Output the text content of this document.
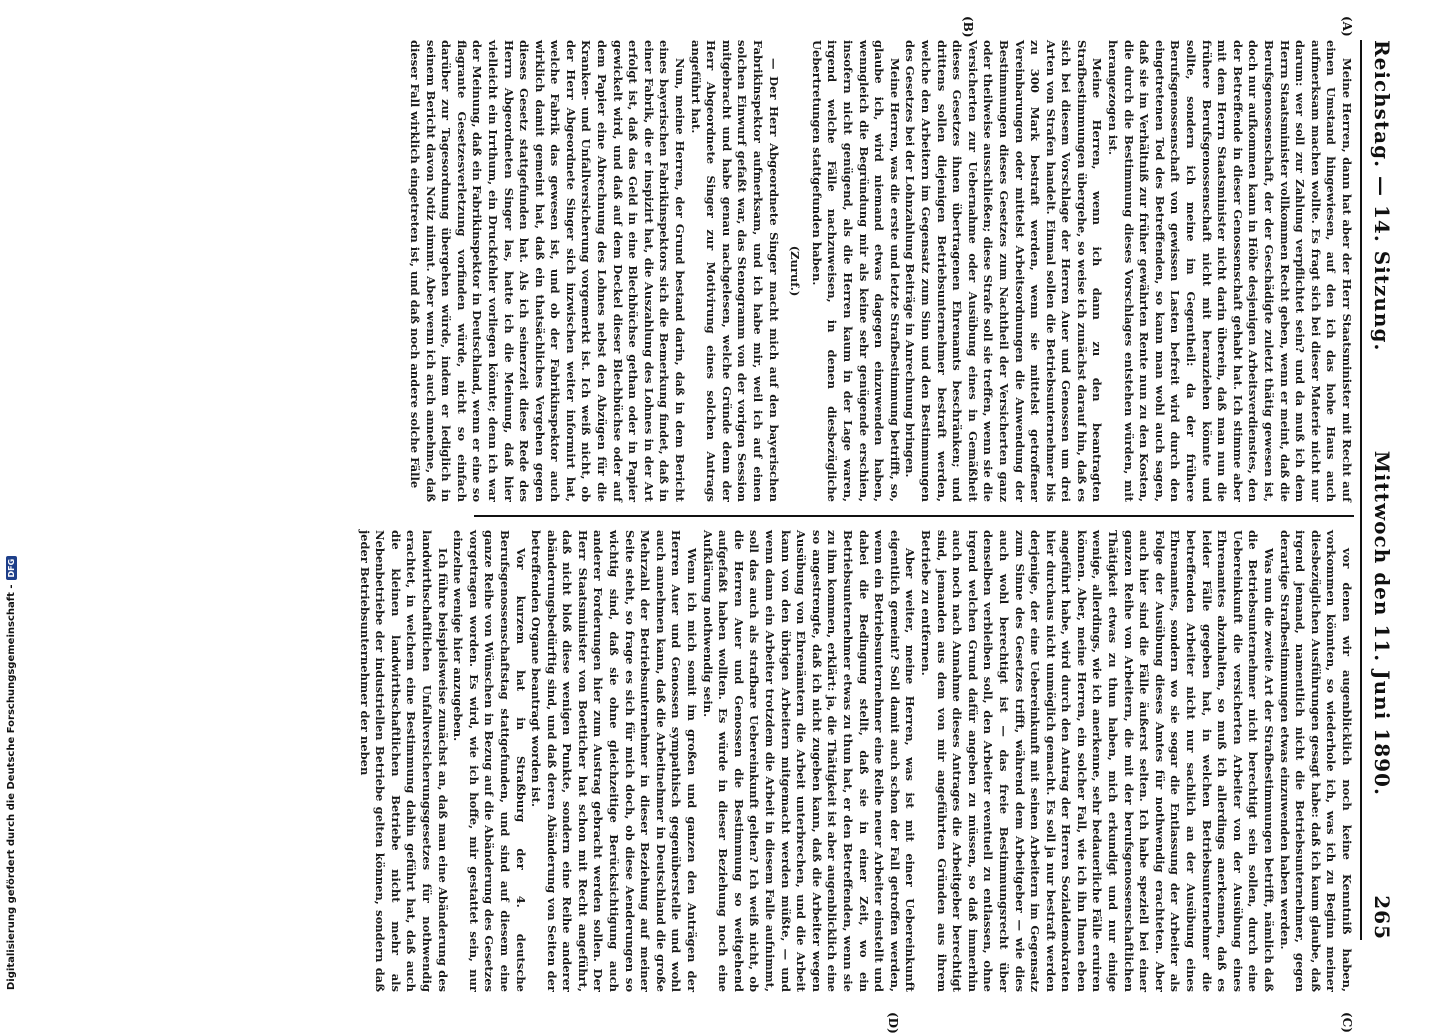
Reichstag. — 14. Sitzung.
Mittwoch den 11. Juni 1890.
265
(A)
(B)
(C)
(D)

Meine Herren, dann hat aber der Herr Staatsminister mit Recht auf einen Umstand hingewiesen, auf den ich das hohe Haus auch aufmerksam machen wollte. Es fragt sich bei dieser Materie nicht nur darum: wer soll zur Zahlung verpflichtet sein? und da muß ich dem Herrn Staatsminister vollkommen Recht geben, wenn er meint, daß die Berufsgenossenschaft, der der Geschädigte zuletzt thätig gewesen ist, doch nur aufkommen kann in Höhe desjenigen Arbeitsverdienstes, den der Betreffende in dieser Genossenschaft gehabt hat. Ich stimme aber mit dem Herrn Staatsminister nicht darin überein, daß man nun die frühere Berufsgenossenschaft nicht mit heranziehen könnte und sollte, sondern ich meine im Gegentheil: da der frühere Berufsgenossenschaft von gewissen Lasten befreit wird durch den eingetretenen Tod des Betreffenden, so kann man wohl auch sagen, daß sie im Verhältniß zur früher gewährten Rente nun zu den Kosten, die durch die Bestimmung dieses Vorschlages entstehen würden, mit herangezogen ist.

Meine Herren, wenn ich dann zu den beantragten Strafbestimmungen übergehe, so weise ich zunächst darauf hin, daß es sich bei diesem Vorschlage der Herren Auer und Genossen um drei Arten von Strafen handelt. Einmal sollen die Betriebsunternehmer bis zu 300 Mark bestraft werden, wenn sie mittelst getroffener Vereinbarungen oder mittelst Arbeitsordnungen die Anwendung der Bestimmungen dieses Gesetzes zum Nachtheil der Versicherten ganz oder theilweise ausschließen; diese Strafe soll sie treffen, wenn sie die Versicherten zur Uebernahme oder Ausübung eines in Gemäßheit dieses Gesetzes ihnen übertragenen Ehrenamts beschränken; und drittens sollen diejenigen Betriebsunternehmer bestraft werden, welche den Arbeitern im Gegensatz zum Sinn und den Bestimmungen des Gesetzes bei der Lohnzahlung Beiträge in Anrechnung bringen.

Meine Herren, was die erste und letzte Strafbestimmung betrifft, so, glaube ich, wird niemand etwas dagegen einzuwenden haben, wenngleich die Begründung mir als keine sehr genügende erschien, insofern nicht genügend, als die Herren kaum in der Lage waren, irgend welche Fälle nachzuweisen, in denen diesbezügliche Uebertretungen stattgefunden haben.

(Zuruf.)

— Der Herr Abgeordnete Singer macht mich auf den bayerischen Fabrikinspektor aufmerksam, und ich habe mir, weil ich auf einen solchen Einwurf gefaßt war, das Stenogramm von der vorigen Session mitgebracht und habe genau nachgelesen, welche Gründe denn der Herr Abgeordnete Singer zur Motivirung eines solchen Antrags angeführt hat.

Nun, meine Herren, der Grund bestand darin, daß in dem Bericht eines bayerischen Fabrikinspektors sich die Bemerkung findet, daß in einer Fabrik, die er inspizirt hat, die Auszahlung des Lohnes in der Art erfolgt ist, daß das Geld in eine Blechbüchse gethan oder in Papier gewickelt wird, und daß auf dem Deckel dieser Blechbüchse oder auf dem Papier eine Abrechnung des Lohnes nebst den Abzügen für die Kranken- und Unfallversicherung vorgemerkt ist. Ich weiß nicht, ob der Herr Abgeordnete Singer sich inzwischen weiter informirt hat, welche Fabrik das gewesen ist, und ob der Fabrikinspektor auch wirklich damit gemeint hat, daß ein thatsächliches Vergehen gegen dieses Gesetz stattgefunden hat. Als ich seinerzeit diese Rede des Herrn Abgeordneten Singer las, hatte ich die Meinung, daß hier vielleicht ein Irrthum, ein Druckfehler vorliegen könnte; denn ich war der Meinung, daß ein Fabrikinspektor in Deutschland, wenn er eine so flagrante Gesetzesverletzung vorfinden würde, nicht so einfach darüber zur Tagesordnung übergehen würde, indem er lediglich in seinem Bericht davon Notiz nimmt. Aber wenn ich auch annehme, daß dieser Fall wirklich eingetreten ist, und daß noch andere solche Fälle

vor denen wir augenblicklich noch keine Kenntniß haben, vorkommen könnten, so wiederhole ich, was ich zu Beginn meiner diesbezüglichen Ausführungen gesagt habe: daß ich kaum glaube, daß irgend jemand, namentlich nicht die Betriebsunternehmer, gegen derartige Strafbestimmungen etwas einzuwenden haben werden.

Was nun die zweite Art der Strafbestimmungen betrifft, nämlich daß die Betriebsunternehmer nicht berechtigt sein sollen, durch eine Uebereinkunft die versicherten Arbeiter von der Ausübung eines Ehrenamtes abzuhalten, so muß ich allerdings anerkennen, daß es leider Fälle gegeben hat, in welchen Betriebsunternehmer die betreffenden Arbeiter nicht nur sachlich an der Ausübung eines Ehrenamtes, sondern wo sie sogar die Entlassung der Arbeiter als Folge der Ausübung dieses Amtes für nothwendig erachteten. Aber auch hier sind die Fälle äußerst selten. Ich habe speziell bei einer ganzen Reihe von Arbeitern, die mit der berufsgenossenschaftlichen Thätigkeit etwas zu thun haben, mich erkundigt und nur einige wenige, allerdings, wie ich anerkenne, sehr bedauerliche Fälle eruiren können. Aber, meine Herren, ein solcher Fall, wie ich ihn Ihnen eben angeführt habe, wird durch den Antrag der Herren Sozialdemokraten hier durchaus nicht unmöglich gemacht. Es soll ja nur bestraft werden derjenige, der eine Uebereinkunft mit seinen Arbeitern im Gegensatz zum Sinne des Gesetzes trifft, während dem Arbeitgeber — wie dies auch wohl berechtigt ist — das freie Bestimmungsrecht über denselben verbleiben soll, den Arbeiter eventuell zu entlassen, ohne irgend welchen Grund dafür angeben zu müssen, so daß immerhin auch noch nach Annahme dieses Antrages die Arbeitgeber berechtigt sind, jemanden aus dem von mir angeführten Gründen aus ihrem Betriebe zu entfernen.

Aber weiter, meine Herren, was ist mit einer Uebereinkunft eigentlich gemeint? Soll damit auch schon der Fall getroffen werden, wenn ein Betriebsunternehmer eine Reihe neuer Arbeiter einstellt und dabei die Bedingung stellt, daß sie in einer Zeit, wo ein Betriebsunternehmer etwas zu thun hat, er den Betreffenden, wenn sie zu ihm kommen, erklärt: ja, die Thätigkeit ist aber augenblicklich eine so angestrengte, daß ich nicht zugeben kann, daß die Arbeiter wegen Ausübung von Ehrenämtern die Arbeit unterbrechen, und die Arbeit kann von den übrigen Arbeitern mitgemacht werden müßte, — und wenn dann ein Arbeiter trotzdem die Arbeit in diesem Falle aufnimmt, soll das auch als strafbare Uebereinkunft gelten? Ich weiß nicht, ob die Herren Auer und Genossen die Bestimmung so weitgehend aufgefaßt haben wollten. Es würde in dieser Beziehung noch eine Aufklärung nothwendig sein.

Wenn ich mich somit im großen und ganzen den Anträgen der Herren Auer und Genossen sympathisch gegenüberstelle und wohl auch annehmen kann, daß die Arbeitnehmer in Deutschland die große Mehrzahl der Betriebsunternehmer in dieser Beziehung auf meiner Seite steht, so frage es sich für mich doch, ob diese Aenderungen so wichtig sind, daß sie ohne gleichzeitige Berücksichtigung auch anderer Forderungen hier zum Austrag gebracht werden sollen. Der Herr Staatsminister von Boetticher hat schon mit Recht angeführt, daß nicht bloß diese wenigen Punkte, sondern eine Reihe anderer abänderungsbedürftig sind, und daß deren Abänderung von Seiten der betreffenden Organe beantragt worden ist.

Vor kurzem hat in Straßburg der 4. deutsche Berufsgenossenschaftstag stattgefunden, und sind auf diesem eine ganze Reihe von Wünschen in Bezug auf die Abänderung des Gesetzes vorgetragen worden. Es wird, wie ich hoffe, mir gestattet sein, nur einzelne wenige hier anzugeben.

Ich führe beispielsweise zunächst an, daß man eine Abänderung des landwirthschaftlichen Unfallversicherungsgesetzes für nothwendig erachtet, in welchem eine Bestimmung dahin geführt hat, daß auch die kleinen landwirthschaftlichen Betriebe nicht mehr als Nebenbetriebe der industriellen Betriebe gelten können, sondern daß jeder Betriebsunternehmer der neben

Digitalisierung gefördert durch die Deutsche Forschungsgemeinschaft -
DFG
